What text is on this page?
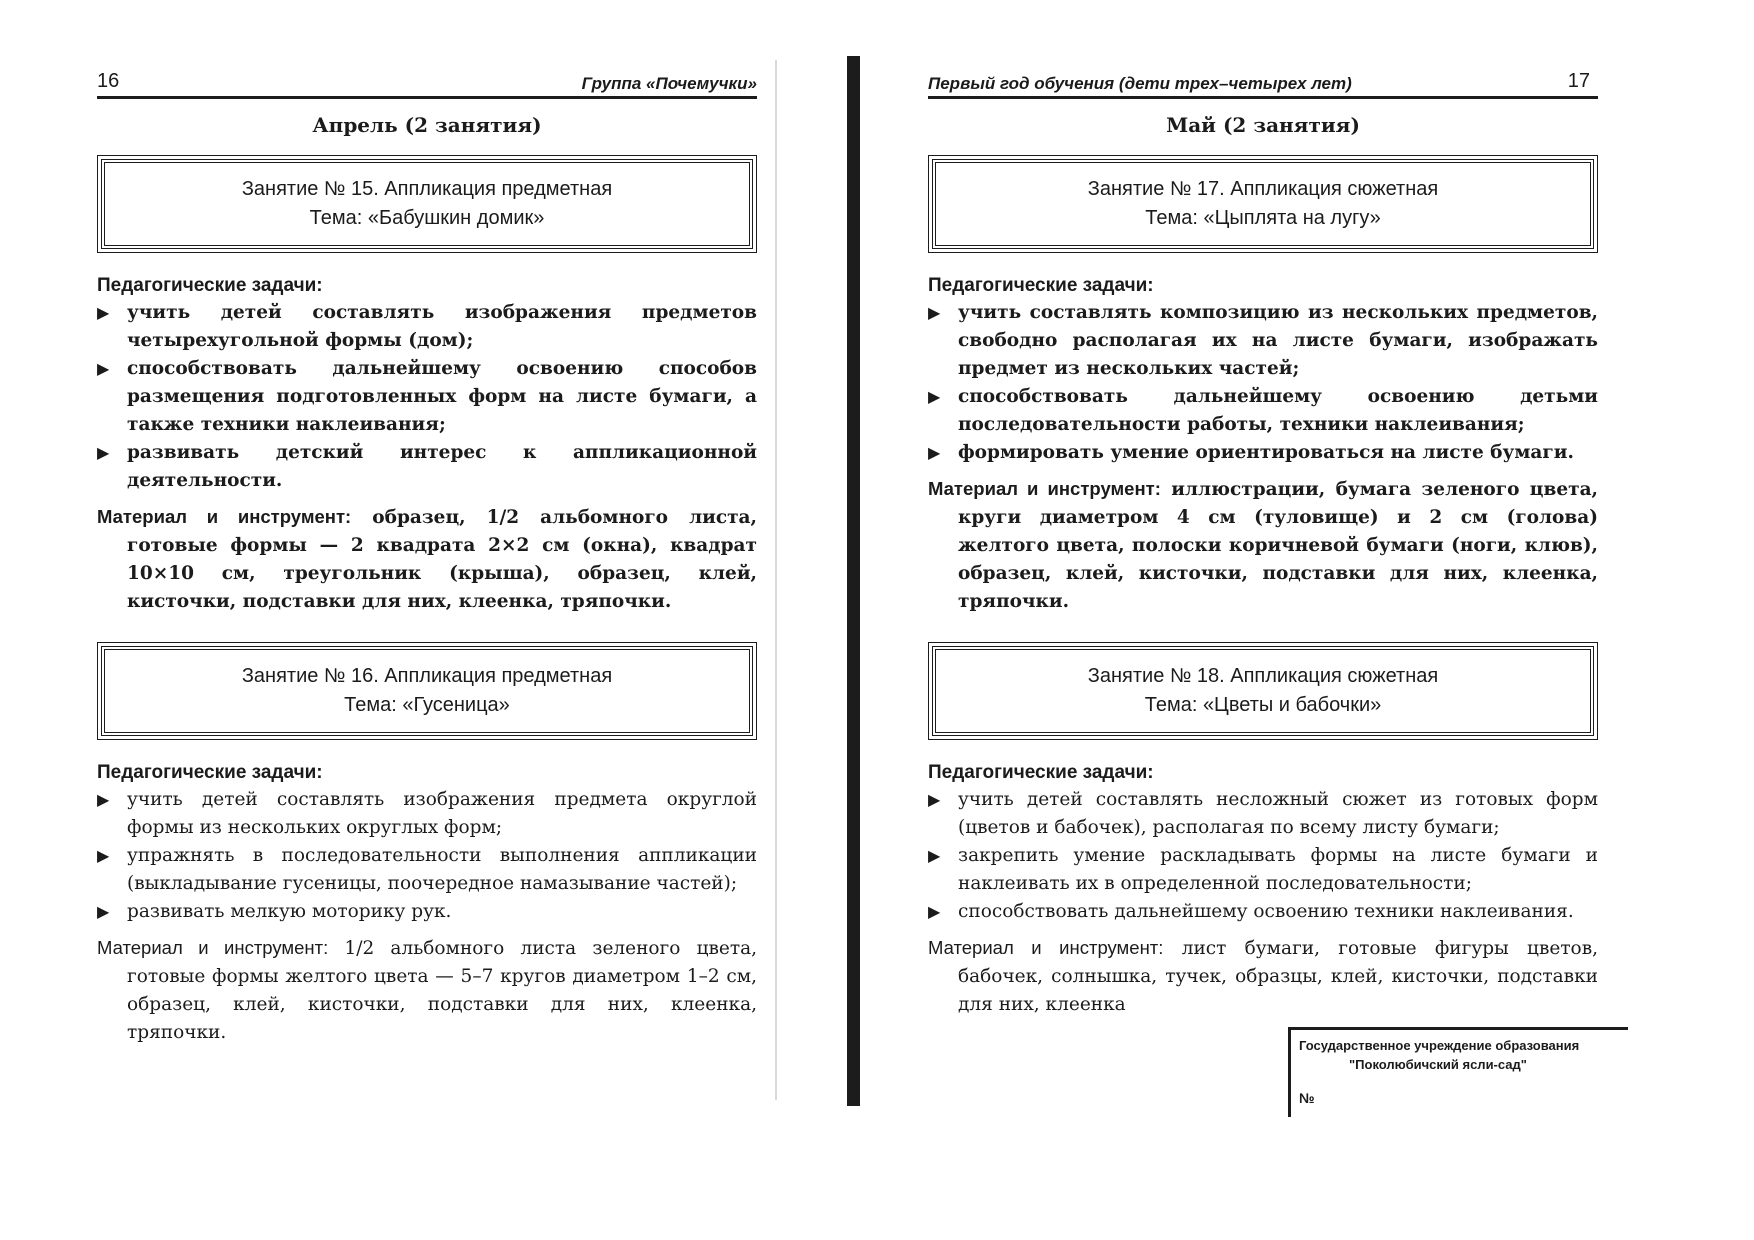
16	Группа «Почемучки»
Апрель (2 занятия)
Занятие № 15. Аппликация предметная
Тема: «Бабушкин домик»
Педагогические задачи:
▶ учить детей составлять изображения предметов четырехугольной формы (дом);
▶ способствовать дальнейшему освоению способов размещения подготовленных форм на листе бумаги, а также техники наклеивания;
▶ развивать детский интерес к аппликационной деятельности.
Материал и инструмент: образец, 1/2 альбомного листа, готовые формы — 2 квадрата 2×2 см (окна), квадрат 10×10 см, треугольник (крыша), образец, клей, кисточки, подставки для них, клеенка, тряпочки.
Занятие № 16. Аппликация предметная
Тема: «Гусеница»
Педагогические задачи:
▶ учить детей составлять изображения предмета округлой формы из нескольких округлых форм;
▶ упражнять в последовательности выполнения аппликации (выкладывание гусеницы, поочередное намазывание частей);
▶ развивать мелкую моторику рук.
Материал и инструмент: 1/2 альбомного листа зеленого цвета, готовые формы желтого цвета — 5–7 кругов диаметром 1–2 см, образец, клей, кисточки, подставки для них, клеенка, тряпочки.
Первый год обучения (дети трех–четырех лет)	17
Май (2 занятия)
Занятие № 17. Аппликация сюжетная
Тема: «Цыплята на лугу»
Педагогические задачи:
▶ учить составлять композицию из нескольких предметов, свободно располагая их на листе бумаги, изображать предмет из нескольких частей;
▶ способствовать дальнейшему освоению детьми последовательности работы, техники наклеивания;
▶ формировать умение ориентироваться на листе бумаги.
Материал и инструмент: иллюстрации, бумага зеленого цвета, круги диаметром 4 см (туловище) и 2 см (голова) желтого цвета, полоски коричневой бумаги (ноги, клюв), образец, клей, кисточки, подставки для них, клеенка, тряпочки.
Занятие № 18. Аппликация сюжетная
Тема: «Цветы и бабочки»
Педагогические задачи:
▶ учить детей составлять несложный сюжет из готовых форм (цветов и бабочек), располагая по всему листу бумаги;
▶ закрепить умение раскладывать формы на листе бумаги и наклеивать их в определенной последовательности;
▶ способствовать дальнейшему освоению техники наклеивания.
Материал и инструмент: лист бумаги, готовые фигуры цветов, бабочек, солнышка, тучек, образцы, клей, кисточки, подставки для них, клеенка
Государственное учреждение образования
"Поколюбичский ясли-сад"
№
